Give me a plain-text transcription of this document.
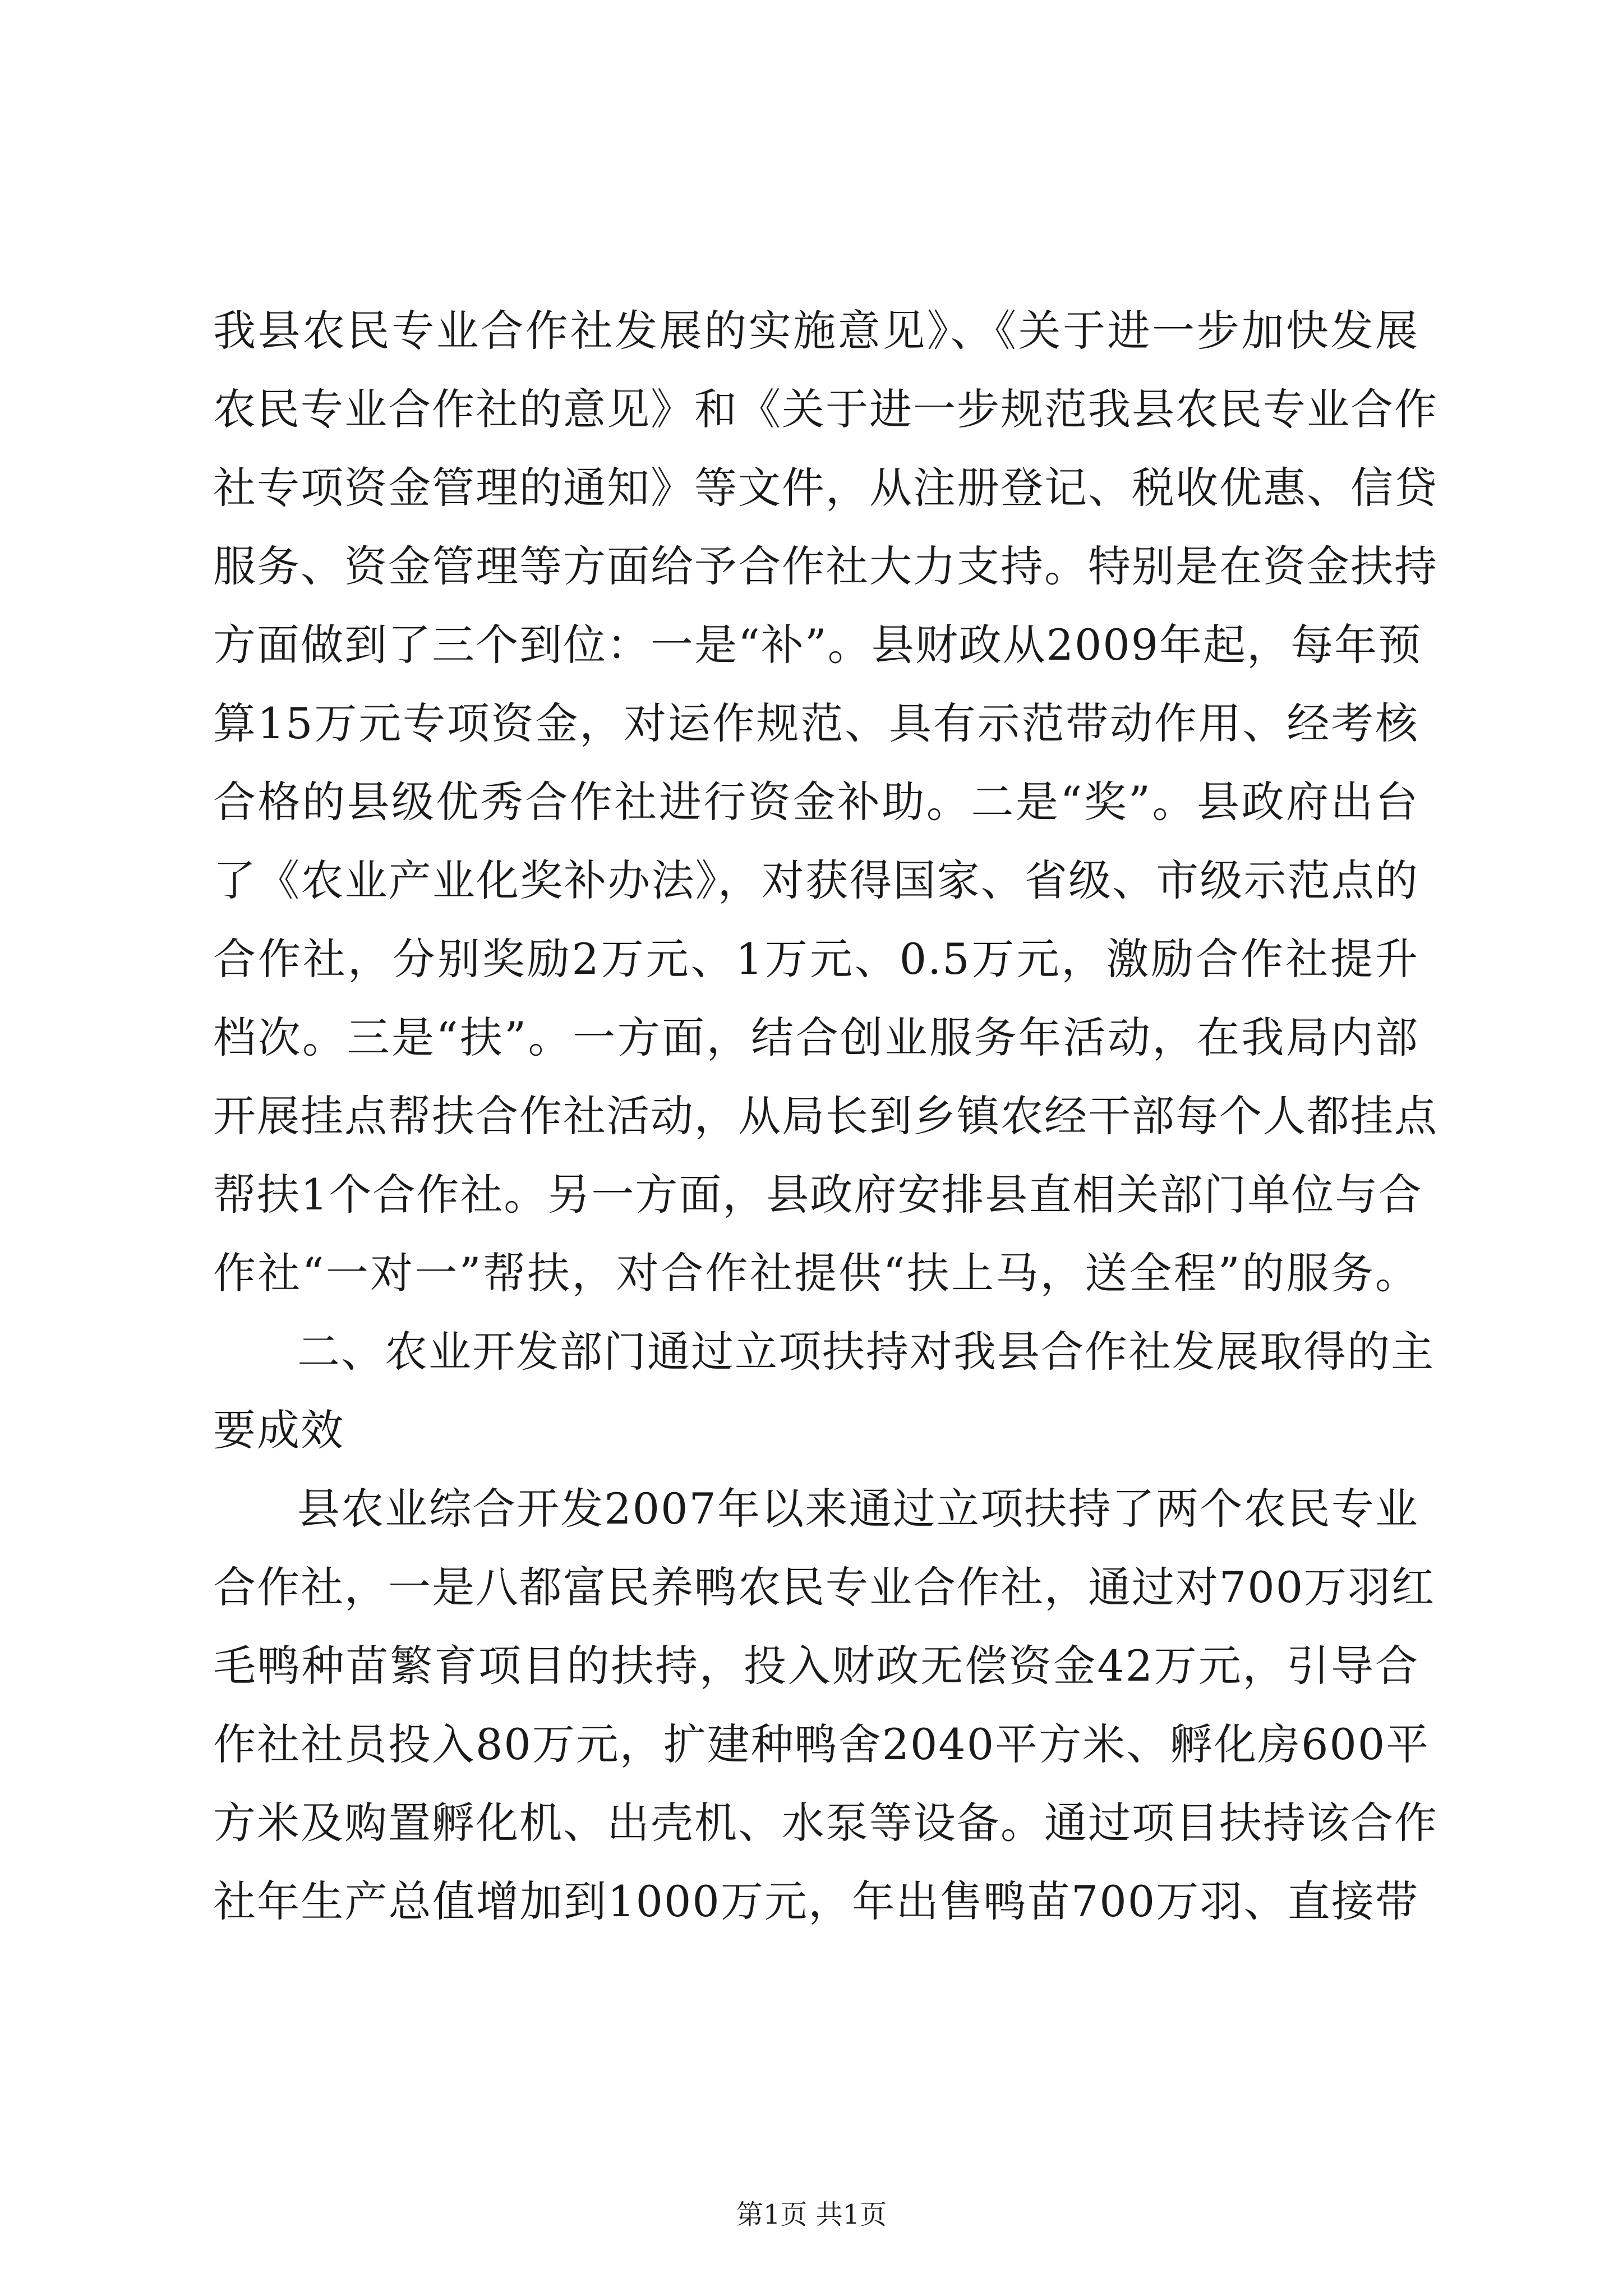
我县农民专业合作社发展的实施意见》、《关于进一步加快发展
农民专业合作社的意见》和《关于进一步规范我县农民专业合作
社专项资金管理的通知》等文件，从注册登记、税收优惠、信贷
服务、资金管理等方面给予合作社大力支持。特别是在资金扶持
方面做到了三个到位：一是“补”。县财政从2009年起，每年预
算15万元专项资金，对运作规范、具有示范带动作用、经考核
合格的县级优秀合作社进行资金补助。二是“奖”。县政府出台
了《农业产业化奖补办法》，对获得国家、省级、市级示范点的
合作社，分别奖励2万元、1万元、0.5万元，激励合作社提升
档次。三是“扶”。一方面，结合创业服务年活动，在我局内部
开展挂点帮扶合作社活动，从局长到乡镇农经干部每个人都挂点
帮扶1个合作社。另一方面，县政府安排县直相关部门单位与合
作社“一对一”帮扶，对合作社提供“扶上马，送全程”的服务。
二、农业开发部门通过立项扶持对我县合作社发展取得的主
要成效
县农业综合开发2007年以来通过立项扶持了两个农民专业
合作社，一是八都富民养鸭农民专业合作社，通过对700万羽红
毛鸭种苗繁育项目的扶持，投入财政无偿资金42万元，引导合
作社社员投入80万元，扩建种鸭舍2040平方米、孵化房600平
方米及购置孵化机、出壳机、水泵等设备。通过项目扶持该合作
社年生产总值增加到1000万元，年出售鸭苗700万羽、直接带
第1页 共1页
